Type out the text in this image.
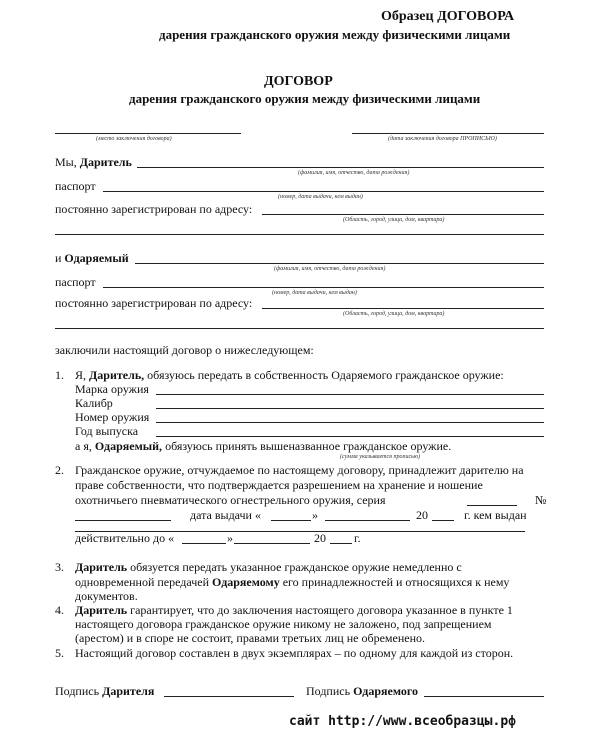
Образец ДОГОВОРА
дарения гражданского оружия между физическими лицами
ДОГОВОР
дарения гражданского оружия между физическими лицами
(место заключения договора)	(дата заключения договора ПРОПИСЬЮ)
Мы, Даритель
(фамилия, имя, отчество, дата рождения)
паспорт
(номер, дата выдачи, кем выдан)
постоянно зарегистрирован по адресу:
(Область, город, улица, дом, квартира)
и Одаряемый
(фамилия, имя, отчество, дата рождения)
паспорт
(номер, дата выдачи, кем выдан)
постоянно зарегистрирован по адресу:
(Область, город, улица, дом, квартира)
заключили настоящий договор о нижеследующем:
1. Я, Даритель, обязуюсь передать в собственность Одаряемого гражданское оружие:
Марка оружия
Калибр
Номер оружия
Год выпуска
а я, Одаряемый, обязуюсь принять вышеназванное гражданское оружие.
(сумма указывается прописью)
2. Гражданское оружие, отчуждаемое по настоящему договору, принадлежит дарителю на
праве собственности, что подтверждается разрешением на хранение и ношение
охотничьего пневматического огнестрельного оружия, серия	№
дата выдачи «	»	20	г. кем выдан
действительно до «	»	20 г.
3. Даритель обязуется передать указанное гражданское оружие немедленно с
одновременной передачей Одаряемому его принадлежностей и относящихся к нему
документов.
4. Даритель гарантирует, что до заключения настоящего договора указанное в пункте 1
настоящего договора гражданское оружие никому не заложено, под запрещением
(арестом) и в споре не состоит, правами третьих лиц не обременено.
5. Настоящий договор составлен в двух экземплярах – по одному для каждой из сторон.
Подпись Дарителя	Подпись Одаряемого
сайт http://www.всеобразцы.рф
